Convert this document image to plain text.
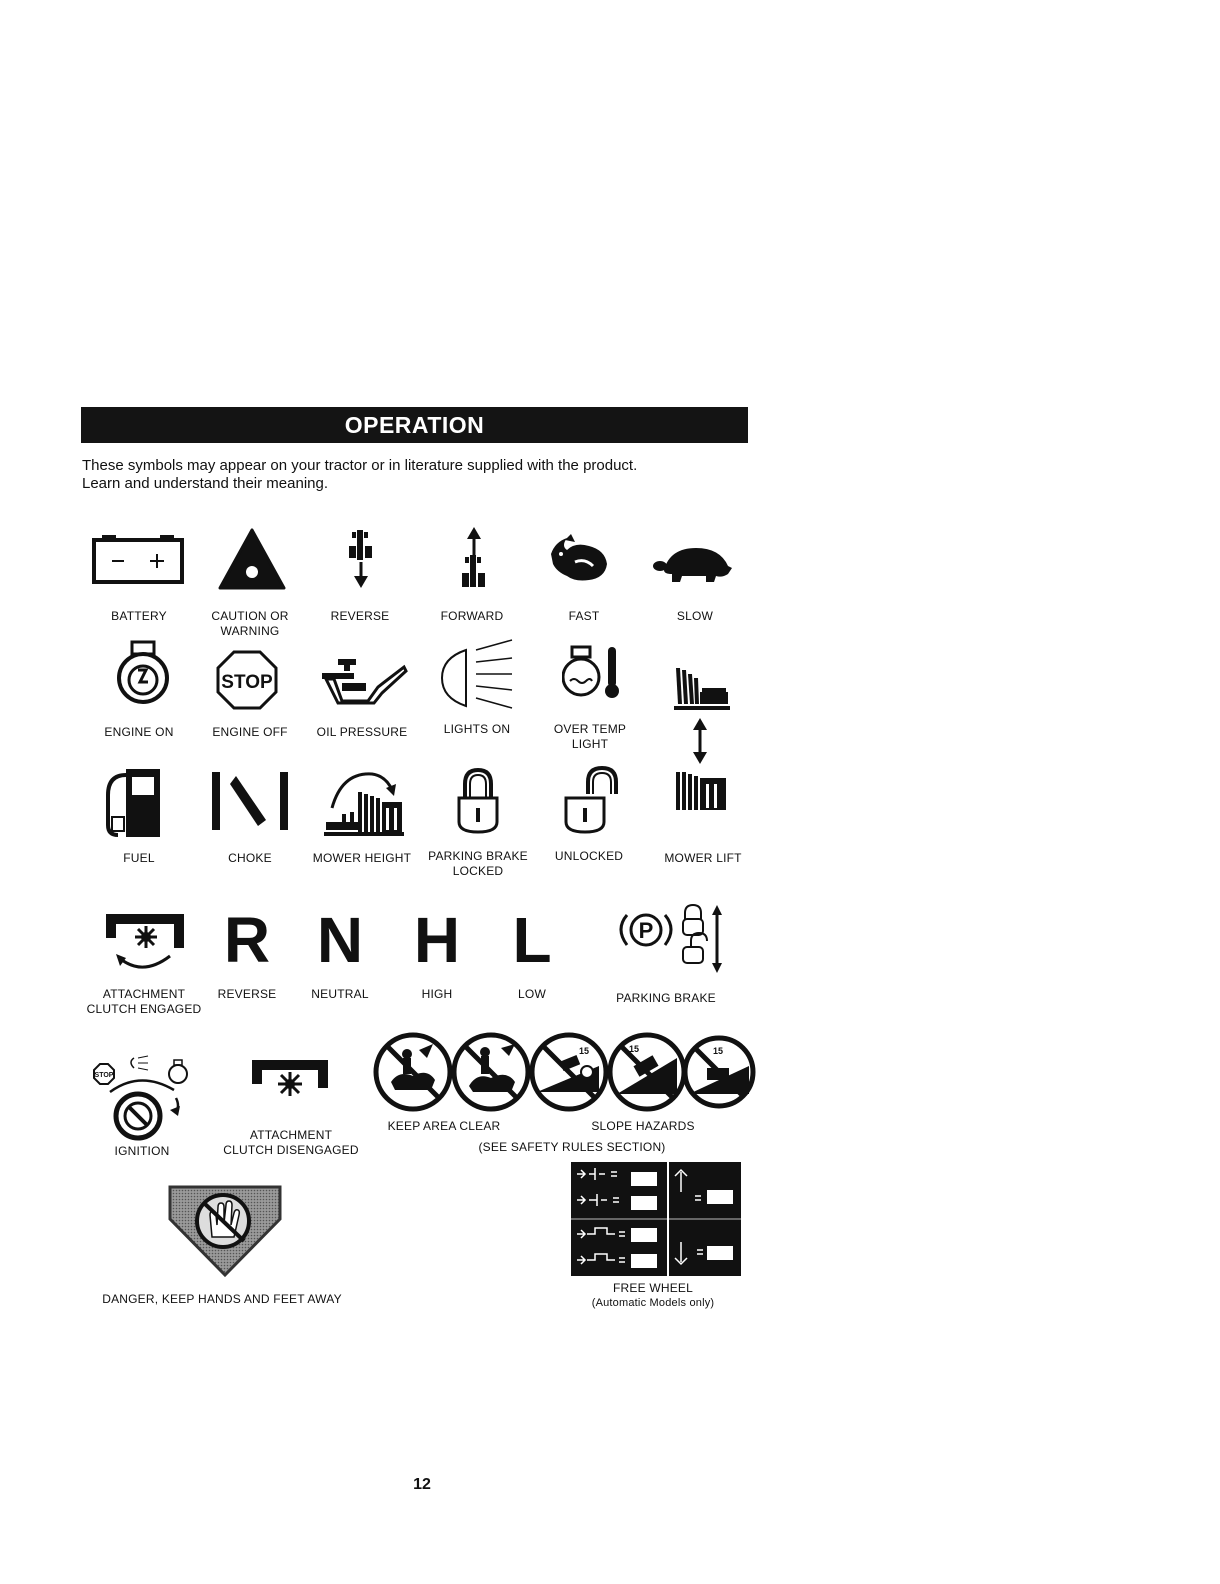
OPERATION
These symbols may appear on your tractor or in literature supplied with the product.
Learn and understand their meaning.
BATTERY	CAUTION OR
WARNING
REVERSE	FORWARD	FAST	SLOW
ENGINE ON
STOP
ENGINE OFF OIL PRESSURE	LIGHTS ON	OVER TEMP
LIGHT
FUEL	CHOKE	MOWER HEIGHT PARKING BRAKE
LOCKED
UNLOCKED	MOWER LIFT
ATTACHMENT
CLUTCH ENGAGED
R
REVERSE
N
NEUTRAL
H
HIGH
L
LOW
P
PARKING BRAKE
STOP
IGNITION
ATTACHMENT
CLUTCH DISENGAGED
15	15	15
KEEP AREA CLEAR	SLOPE HAZARDS
(SEE SAFETY RULES SECTION)
DANGER, KEEP HANDS AND FEET AWAY
FREE WHEEL
(Automatic Models only)
12
